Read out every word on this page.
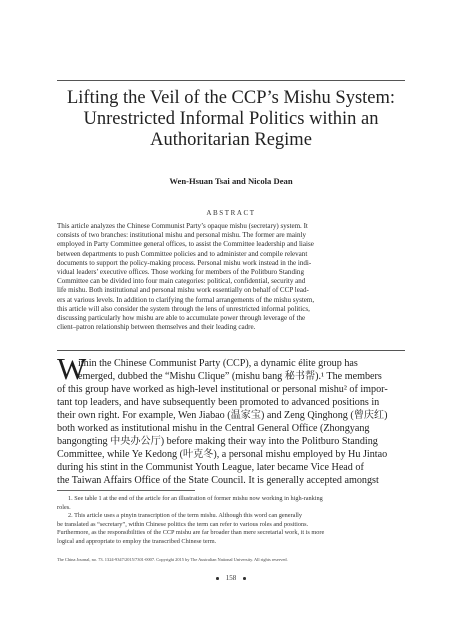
Lifting the Veil of the CCP’s Mishu System:
Unrestricted Informal Politics within an
Authoritarian Regime
Wen-Hsuan Tsai and Nicola Dean
ABSTRACT
This article analyzes the Chinese Communist Party’s opaque mishu (secretary) system. It
consists of two branches: institutional mishu and personal mishu. The former are mainly
employed in Party Committee general offices, to assist the Committee leadership and liaise
between departments to push Committee policies and to administer and compile relevant
documents to support the policy-making process. Personal mishu work instead in the indi-
vidual leaders’ executive offices. Those working for members of the Politburo Standing
Committee can be divided into four main categories: political, confidential, security and
life mishu. Both institutional and personal mishu work essentially on behalf of CCP lead-
ers at various levels. In addition to clarifying the formal arrangements of the mishu system,
this article will also consider the system through the lens of unrestricted informal politics,
discussing particularly how mishu are able to accumulate power through leverage of the
client–patron relationship between themselves and their leading cadre.
W
ithin the Chinese Communist Party (CCP), a dynamic élite group has
emerged, dubbed the “Mishu Clique” (mishu bang 秘书帮).¹ The members
of this group have worked as high-level institutional or personal mishu² of impor-
tant top leaders, and have subsequently been promoted to advanced positions in
their own right. For example, Wen Jiabao (温家宝) and Zeng Qinghong (曾庆红)
both worked as institutional mishu in the Central General Office (Zhongyang
bangongting 中央办公厅) before making their way into the Politburo Standing
Committee, while Ye Kedong (叶克冬), a personal mishu employed by Hu Jintao
during his stint in the Communist Youth League, later became Vice Head of
the Taiwan Affairs Office of the State Council. It is generally accepted amongst
1. See table 1 at the end of the article for an illustration of former mishu now working in high-ranking
roles.
2. This article uses a pinyin transcription of the term mishu. Although this word can generally
be translated as “secretary”, within Chinese politics the term can refer to various roles and positions.
Furthermore, as the responsibilities of the CCP mishu are far broader than mere secretarial work, it is more
logical and appropriate to employ the transcribed Chinese term.
The China Journal, no. 73. 1324-9347/2015/7301-0007. Copyright 2015 by The Australian National University. All rights reserved.
158
